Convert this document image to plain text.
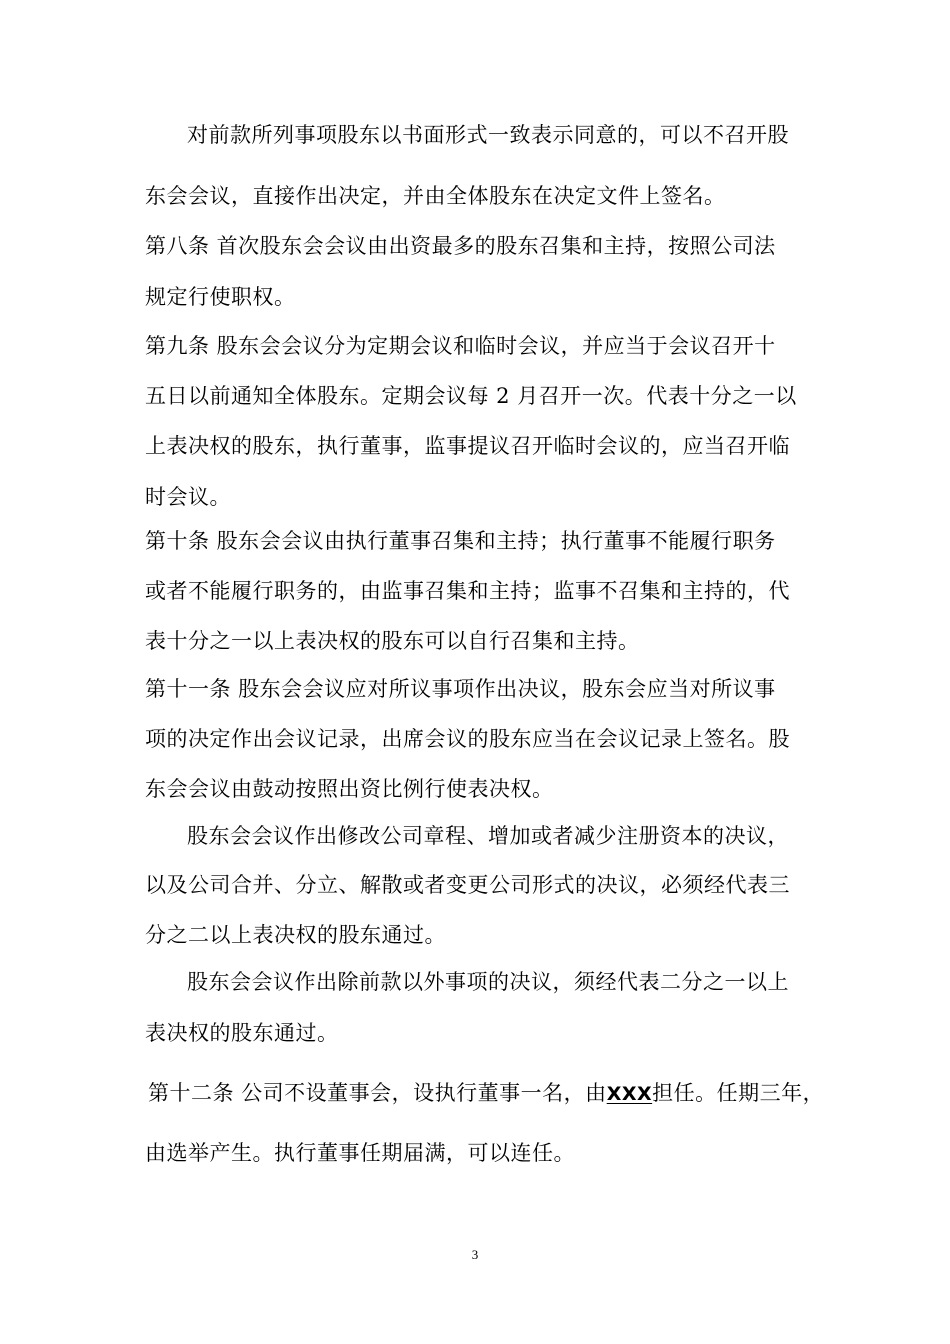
对前款所列事项股东以书面形式一致表示同意的，可以不召开股
东会会议，直接作出决定，并由全体股东在决定文件上签名。
第八条 首次股东会会议由出资最多的股东召集和主持，按照公司法
规定行使职权。
第九条 股东会会议分为定期会议和临时会议，并应当于会议召开十
五日以前通知全体股东。定期会议每 2 月召开一次。代表十分之一以
上表决权的股东，执行董事，监事提议召开临时会议的，应当召开临
时会议。
第十条 股东会会议由执行董事召集和主持；执行董事不能履行职务
或者不能履行职务的，由监事召集和主持；监事不召集和主持的，代
表十分之一以上表决权的股东可以自行召集和主持。
第十一条 股东会会议应对所议事项作出决议，股东会应当对所议事
项的决定作出会议记录，出席会议的股东应当在会议记录上签名。股
东会会议由鼓动按照出资比例行使表决权。
股东会会议作出修改公司章程、增加或者减少注册资本的决议，
以及公司合并、分立、解散或者变更公司形式的决议，必须经代表三
分之二以上表决权的股东通过。
股东会会议作出除前款以外事项的决议，须经代表二分之一以上
表决权的股东通过。
第十二条 公司不设董事会，设执行董事一名，由XXX担任。任期三年，
由选举产生。执行董事任期届满，可以连任。
3
